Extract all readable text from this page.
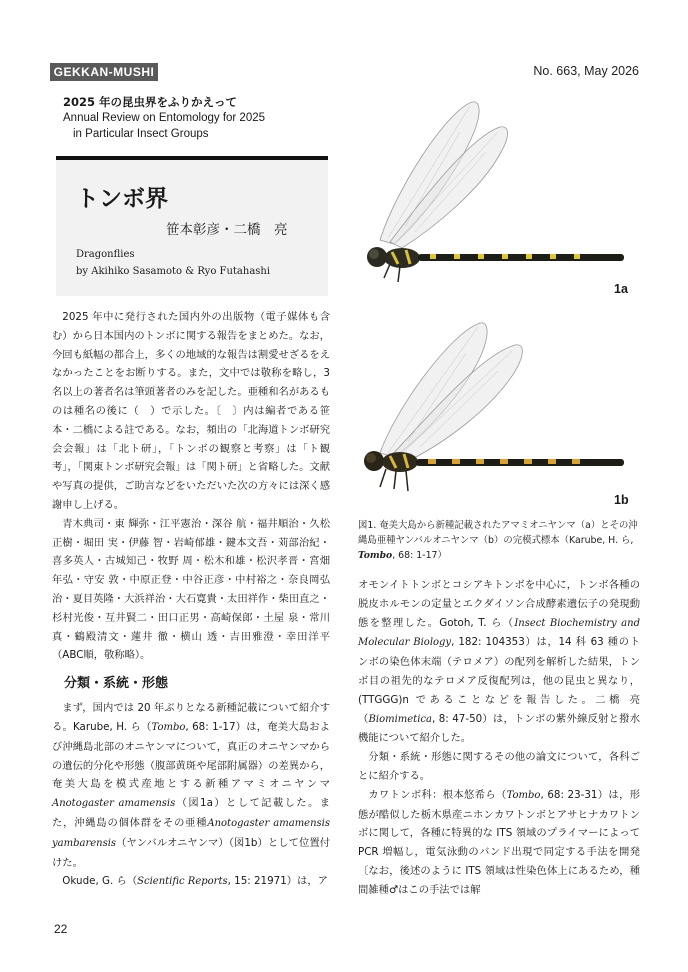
GEKKAN-MUSHI	No. 663, May 2026
2025 年の昆虫界をふりかえって
Annual Review on Entomology for 2025
in Particular Insect Groups
トンボ界
笹本彰彦・二橋　亮
Dragonflies
by Akihiko Sasamoto & Ryo Futahashi

2025 年中に発行された国内外の出版物（電子媒体も含む）から日本国内のトンボに関する報告をまとめた。なお，今回も紙幅の都合上，多くの地域的な報告は割愛せざるをえなかったことをお断りする。また，文中では敬称を略し，3名以上の著者名は筆頭著者のみを記した。亜種和名があるものは種名の後に（　）で示した。〔　〕内は編者である笹本・二橋による註である。なお，頻出の「北海道トンボ研究会会報」は「北ト研」，「トンボの観察と考察」は「ト観考」，「関東トンボ研究会報」は「関ト研」と省略した。文献や写真の提供，ご助言などをいただいた次の方々には深く感謝申し上げる。

青木典司・東 輝弥・江平憲治・深谷 航・福井順治・久松正樹・堀田 実・伊藤 智・岩崎郁雄・鍵本文吾・苅部治紀・喜多英人・古城知己・牧野 周・松木和雄・松沢孝晋・宮畑年弘・守安 敦・中原正登・中谷正彦・中村裕之・奈良岡弘治・夏目英隆・大浜祥治・大石寛貴・太田祥作・柴田直之・杉村光俊・互井賢二・田口正男・高崎保郎・土屋 泉・常川 真・鶴殿清文・蓮井 徹・横山 透・吉田雅澄・幸田洋平（ABC順，敬称略）。

分類・系統・形態

まず，国内では 20 年ぶりとなる新種記載について紹介する。Karube, H. ら（Tombo, 68: 1-17）は，奄美大島および沖縄島北部のオニヤンマについて，真正のオニヤンマからの遺伝的分化や形態（腹部黄斑や尾部附属器）の差異から，奄美大島を模式産地とする新種アマミオニヤンマAnotogaster amamensis（図1a）として記載した。また，沖縄島の個体群をその亜種Anotogaster amamensis yambarensis（ヤンバルオニヤンマ）（図1b）として位置付けた。

Okude, G. ら（Scientific Reports, 15: 21971）は，ア

1a
1b
図1. 奄美大島から新種記載されたアマミオニヤンマ（a）とその沖縄島亜種ヤンバルオニヤンマ（b）の完模式標本（Karube, H. ら, Tombo, 68: 1-17）

オモンイトトンボとコシアキトンボを中心に，トンボ各種の脱皮ホルモンの定量とエクダイソン合成酵素遺伝子の発現動態を整理した。Gotoh, T. ら（Insect Biochemistry and Molecular Biology, 182: 104353）は，14 科 63 種のトンボの染色体末端（テロメア）の配列を解析した結果，トンボ目の祖先的なテロメア反復配列は，他の昆虫と異なり，(TTGGG)n であることなどを報告した。二橋 亮（Biomimetica, 8: 47-50）は，トンボの紫外線反射と撥水機能について紹介した。

分類・系統・形態に関するその他の論文について，各科ごとに紹介する。

カワトンボ科：根本悠希ら（Tombo, 68: 23-31）は，形態が酷似した栃木県産ニホンカワトンボとアサヒナカワトンボに関して，各種に特異的な ITS 領域のプライマーによって PCR 増幅し，電気泳動のバンド出現で同定する手法を開発〔なお，後述のように ITS 領域は性染色体上にあるため，種間雑種♂はこの手法では解

22
